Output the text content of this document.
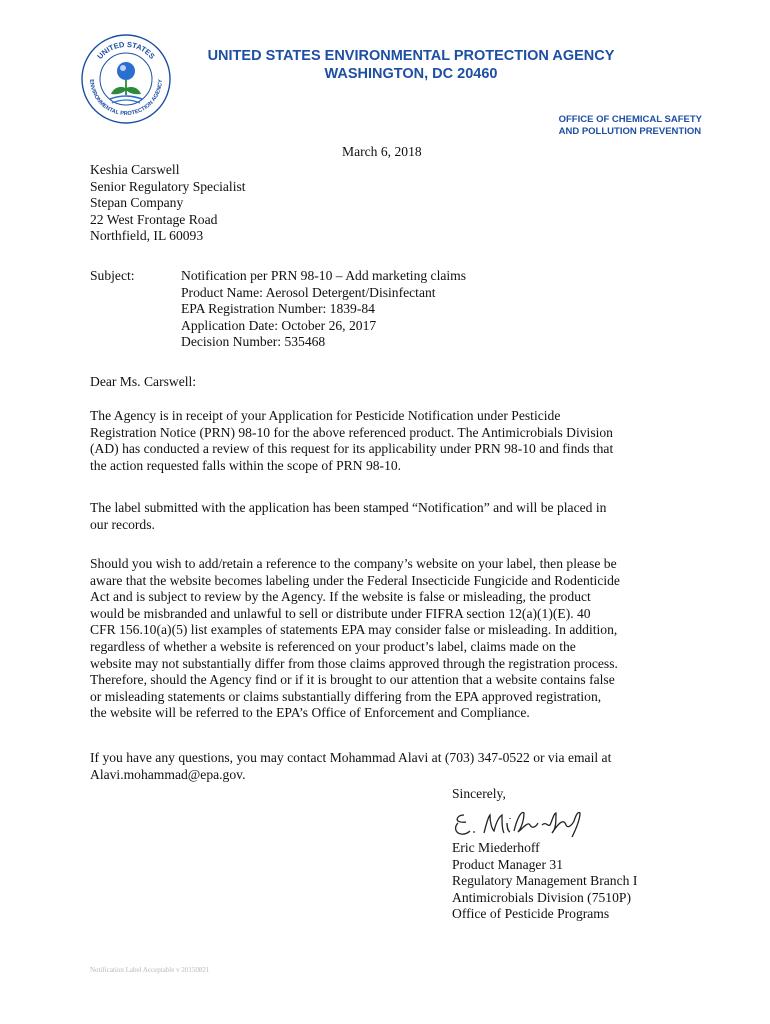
UNITED STATES
ENVIRONMENTAL PROTECTION AGENCY
UNITED STATES ENVIRONMENTAL PROTECTION AGENCY
WASHINGTON, DC 20460
OFFICE OF CHEMICAL SAFETY
AND POLLUTION PREVENTION
March 6, 2018
Keshia Carswell
Senior Regulatory Specialist
Stepan Company
22 West Frontage Road
Northfield, IL 60093
Subject:	Notification per PRN 98-10 – Add marketing claims
Product Name: Aerosol Detergent/Disinfectant
EPA Registration Number: 1839-84
Application Date: October 26, 2017
Decision Number: 535468
Dear Ms. Carswell:
The Agency is in receipt of your Application for Pesticide Notification under Pesticide
Registration Notice (PRN) 98-10 for the above referenced product. The Antimicrobials Division
(AD) has conducted a review of this request for its applicability under PRN 98-10 and finds that
the action requested falls within the scope of PRN 98-10.
The label submitted with the application has been stamped “Notification” and will be placed in
our records.
Should you wish to add/retain a reference to the company’s website on your label, then please be
aware that the website becomes labeling under the Federal Insecticide Fungicide and Rodenticide
Act and is subject to review by the Agency. If the website is false or misleading, the product
would be misbranded and unlawful to sell or distribute under FIFRA section 12(a)(1)(E). 40
CFR 156.10(a)(5) list examples of statements EPA may consider false or misleading. In addition,
regardless of whether a website is referenced on your product’s label, claims made on the
website may not substantially differ from those claims approved through the registration process.
Therefore, should the Agency find or if it is brought to our attention that a website contains false
or misleading statements or claims substantially differing from the EPA approved registration,
the website will be referred to the EPA’s Office of Enforcement and Compliance.
If you have any questions, you may contact Mohammad Alavi at (703) 347-0522 or via email at
Alavi.mohammad@epa.gov.
Sincerely,
Eric Miederhoff
Product Manager 31
Regulatory Management Branch I
Antimicrobials Division (7510P)
Office of Pesticide Programs
Notification Label Acceptable v 20150821
